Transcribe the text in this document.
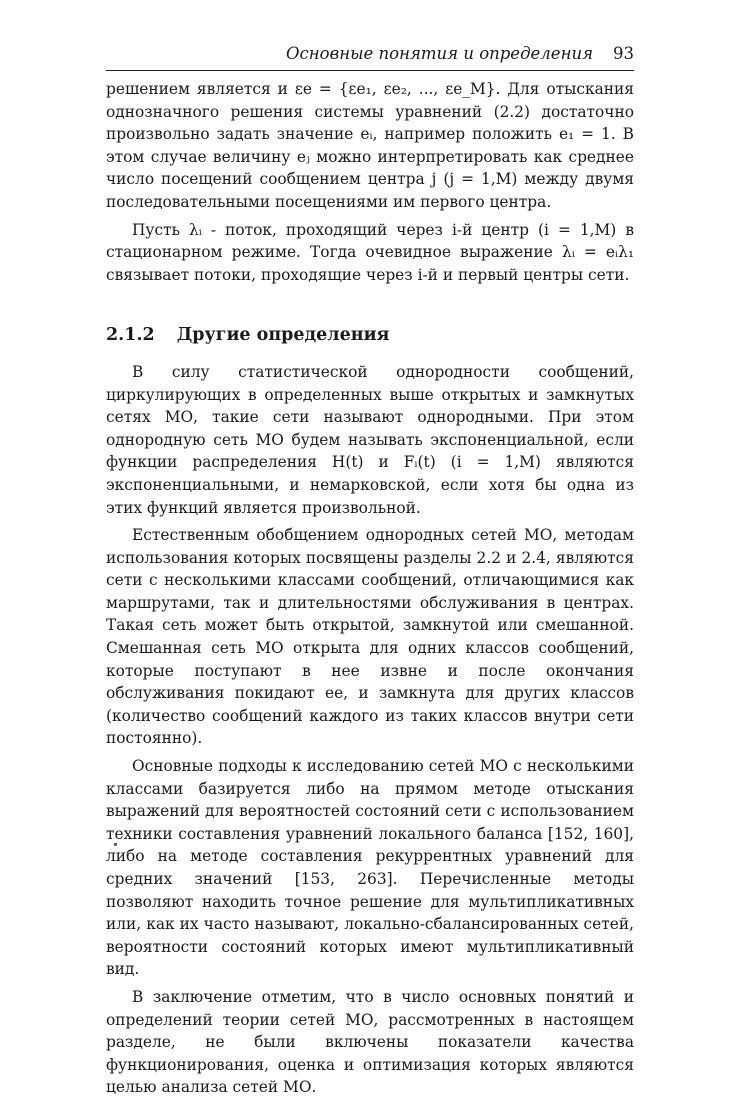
Основные понятия и определения 93

решением является и εe = {εe₁, εe₂, ..., εe_M}. Для отыскания однозначного решения системы уравнений (2.2) достаточно произвольно задать значение eᵢ, например положить e₁ = 1. В этом случае величину eⱼ можно интерпретировать как среднее число посещений сообщением центра j (j = 1,M) между двумя последовательными посещениями им первого центра.

Пусть λᵢ - поток, проходящий через i-й центр (i = 1,M) в стационарном режиме. Тогда очевидное выражение λᵢ = eᵢλ₁ связывает потоки, проходящие через i-й и первый центры сети.

2.1.2 Другие определения

В силу статистической однородности сообщений, циркулирующих в определенных выше открытых и замкнутых сетях МО, такие сети называют однородными. При этом однородную сеть МО будем называть экспоненциальной, если функции распределения H(t) и Fᵢ(t) (i = 1,M) являются экспоненциальными, и немарковской, если хотя бы одна из этих функций является произвольной.

Естественным обобщением однородных сетей МО, методам использования которых посвящены разделы 2.2 и 2.4, являются сети с несколькими классами сообщений, отличающимися как маршрутами, так и длительностями обслуживания в центрах. Такая сеть может быть открытой, замкнутой или смешанной. Смешанная сеть МО открыта для одних классов сообщений, которые поступают в нее извне и после окончания обслуживания покидают ее, и замкнута для других классов (количество сообщений каждого из таких классов внутри сети постоянно).

Основные подходы к исследованию сетей МО с несколькими классами базируется либо на прямом методе отыскания выражений для вероятностей состояний сети с использованием техники составления уравнений локального баланса [152, 160], либо на методе составления рекуррентных уравнений для средних значений [153, 263]. Перечисленные методы позволяют находить точное решение для мультипликативных или, как их часто называют, локально-сбалансированных сетей, вероятности состояний которых имеют мультипликативный вид.

В заключение отметим, что в число основных понятий и определений теории сетей МО, рассмотренных в настоящем разделе, не были включены показатели качества функционирования, оценка и оптимизация которых являются целью анализа сетей МО.
